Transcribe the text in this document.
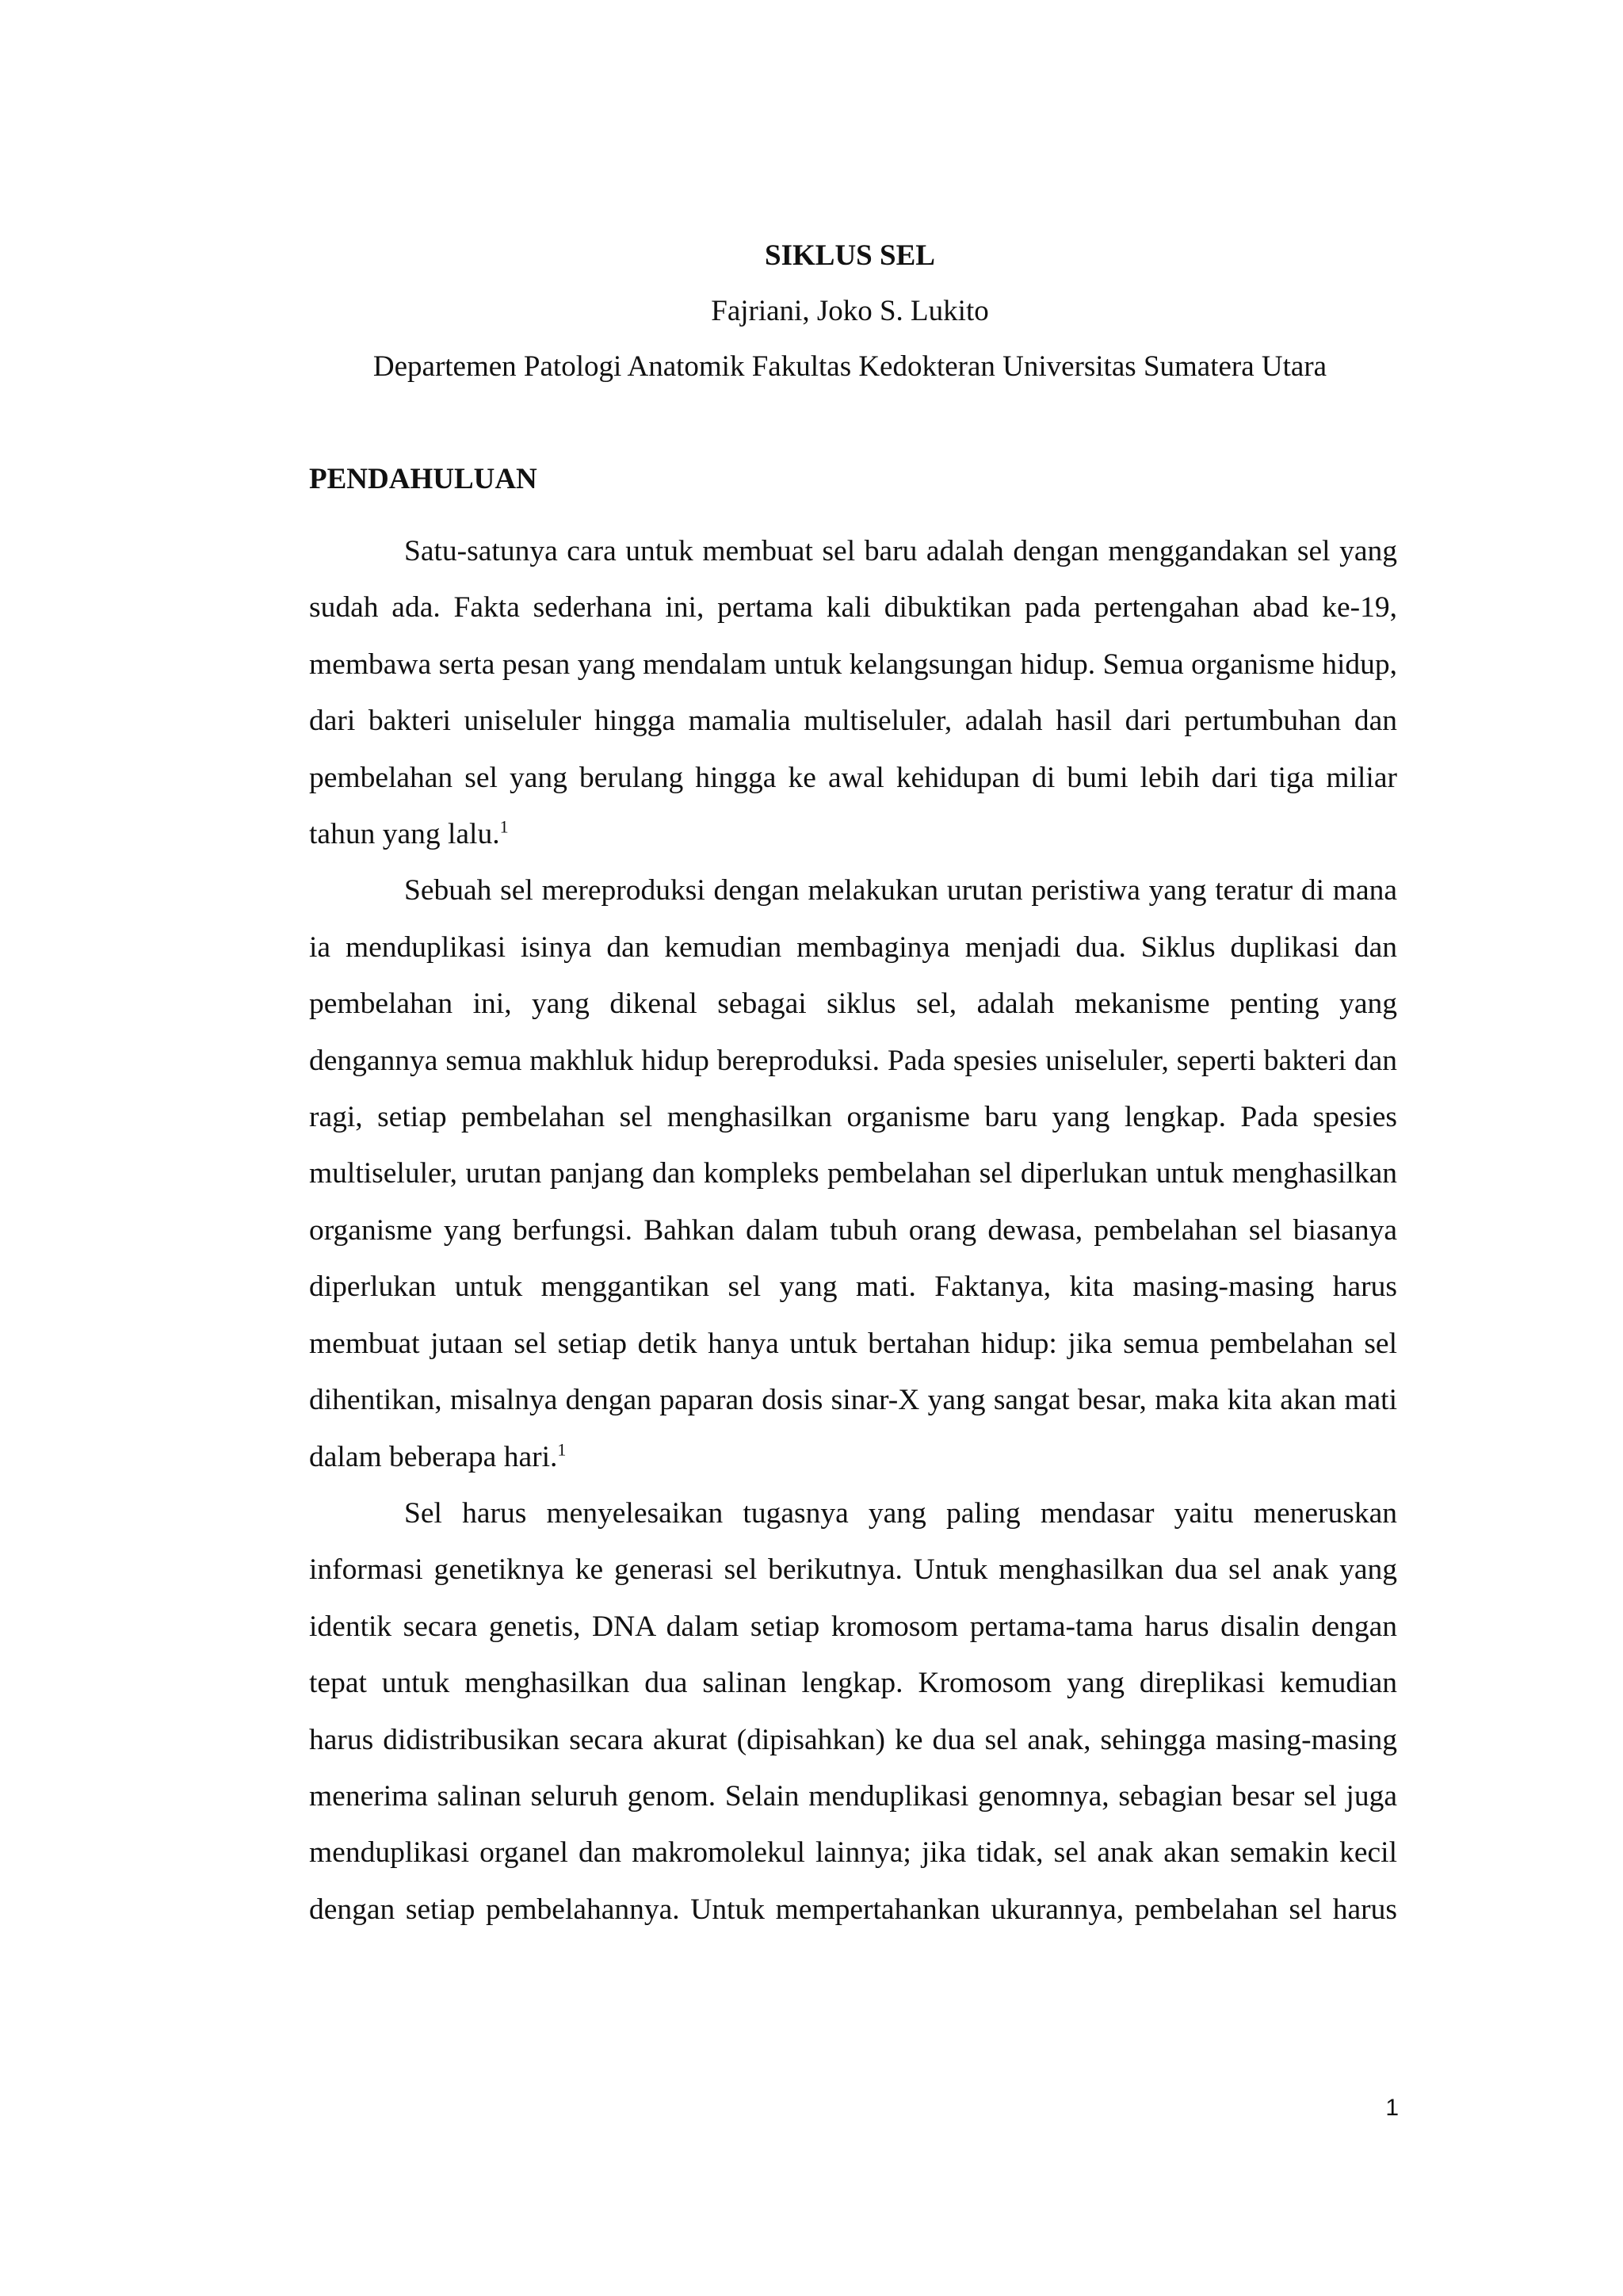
SIKLUS SEL

Fajriani, Joko S. Lukito

Departemen Patologi Anatomik Fakultas Kedokteran Universitas Sumatera Utara

PENDAHULUAN

Satu-satunya cara untuk membuat sel baru adalah dengan menggandakan sel yang sudah ada. Fakta sederhana ini, pertama kali dibuktikan pada pertengahan abad ke-19, membawa serta pesan yang mendalam untuk kelangsungan hidup. Semua organisme hidup, dari bakteri uniseluler hingga mamalia multiseluler, adalah hasil dari pertumbuhan dan pembelahan sel yang berulang hingga ke awal kehidupan di bumi lebih dari tiga miliar tahun yang lalu.$^1$

Sebuah sel mereproduksi dengan melakukan urutan peristiwa yang teratur di mana ia menduplikasi isinya dan kemudian membaginya menjadi dua. Siklus duplikasi dan pembelahan ini, yang dikenal sebagai siklus sel, adalah mekanisme penting yang dengannya semua makhluk hidup bereproduksi. Pada spesies uniseluler, seperti bakteri dan ragi, setiap pembelahan sel menghasilkan organisme baru yang lengkap. Pada spesies multiseluler, urutan panjang dan kompleks pembelahan sel diperlukan untuk menghasilkan organisme yang berfungsi. Bahkan dalam tubuh orang dewasa, pembelahan sel biasanya diperlukan untuk menggantikan sel yang mati. Faktanya, kita masing-masing harus membuat jutaan sel setiap detik hanya untuk bertahan hidup: jika semua pembelahan sel dihentikan, misalnya dengan paparan dosis sinar-X yang sangat besar, maka kita akan mati dalam beberapa hari.$^1$

Sel harus menyelesaikan tugasnya yang paling mendasar yaitu meneruskan informasi genetiknya ke generasi sel berikutnya. Untuk menghasilkan dua sel anak yang identik secara genetis, DNA dalam setiap kromosom pertama-tama harus disalin dengan tepat untuk menghasilkan dua salinan lengkap. Kromosom yang direplikasi kemudian harus didistribusikan secara akurat (dipisahkan) ke dua sel anak, sehingga masing-masing menerima salinan seluruh genom. Selain menduplikasi genomnya, sebagian besar sel juga menduplikasi organel dan makromolekul lainnya; jika tidak, sel anak akan semakin kecil dengan setiap pembelahannya. Untuk mempertahankan ukurannya, pembelahan sel harus

1
